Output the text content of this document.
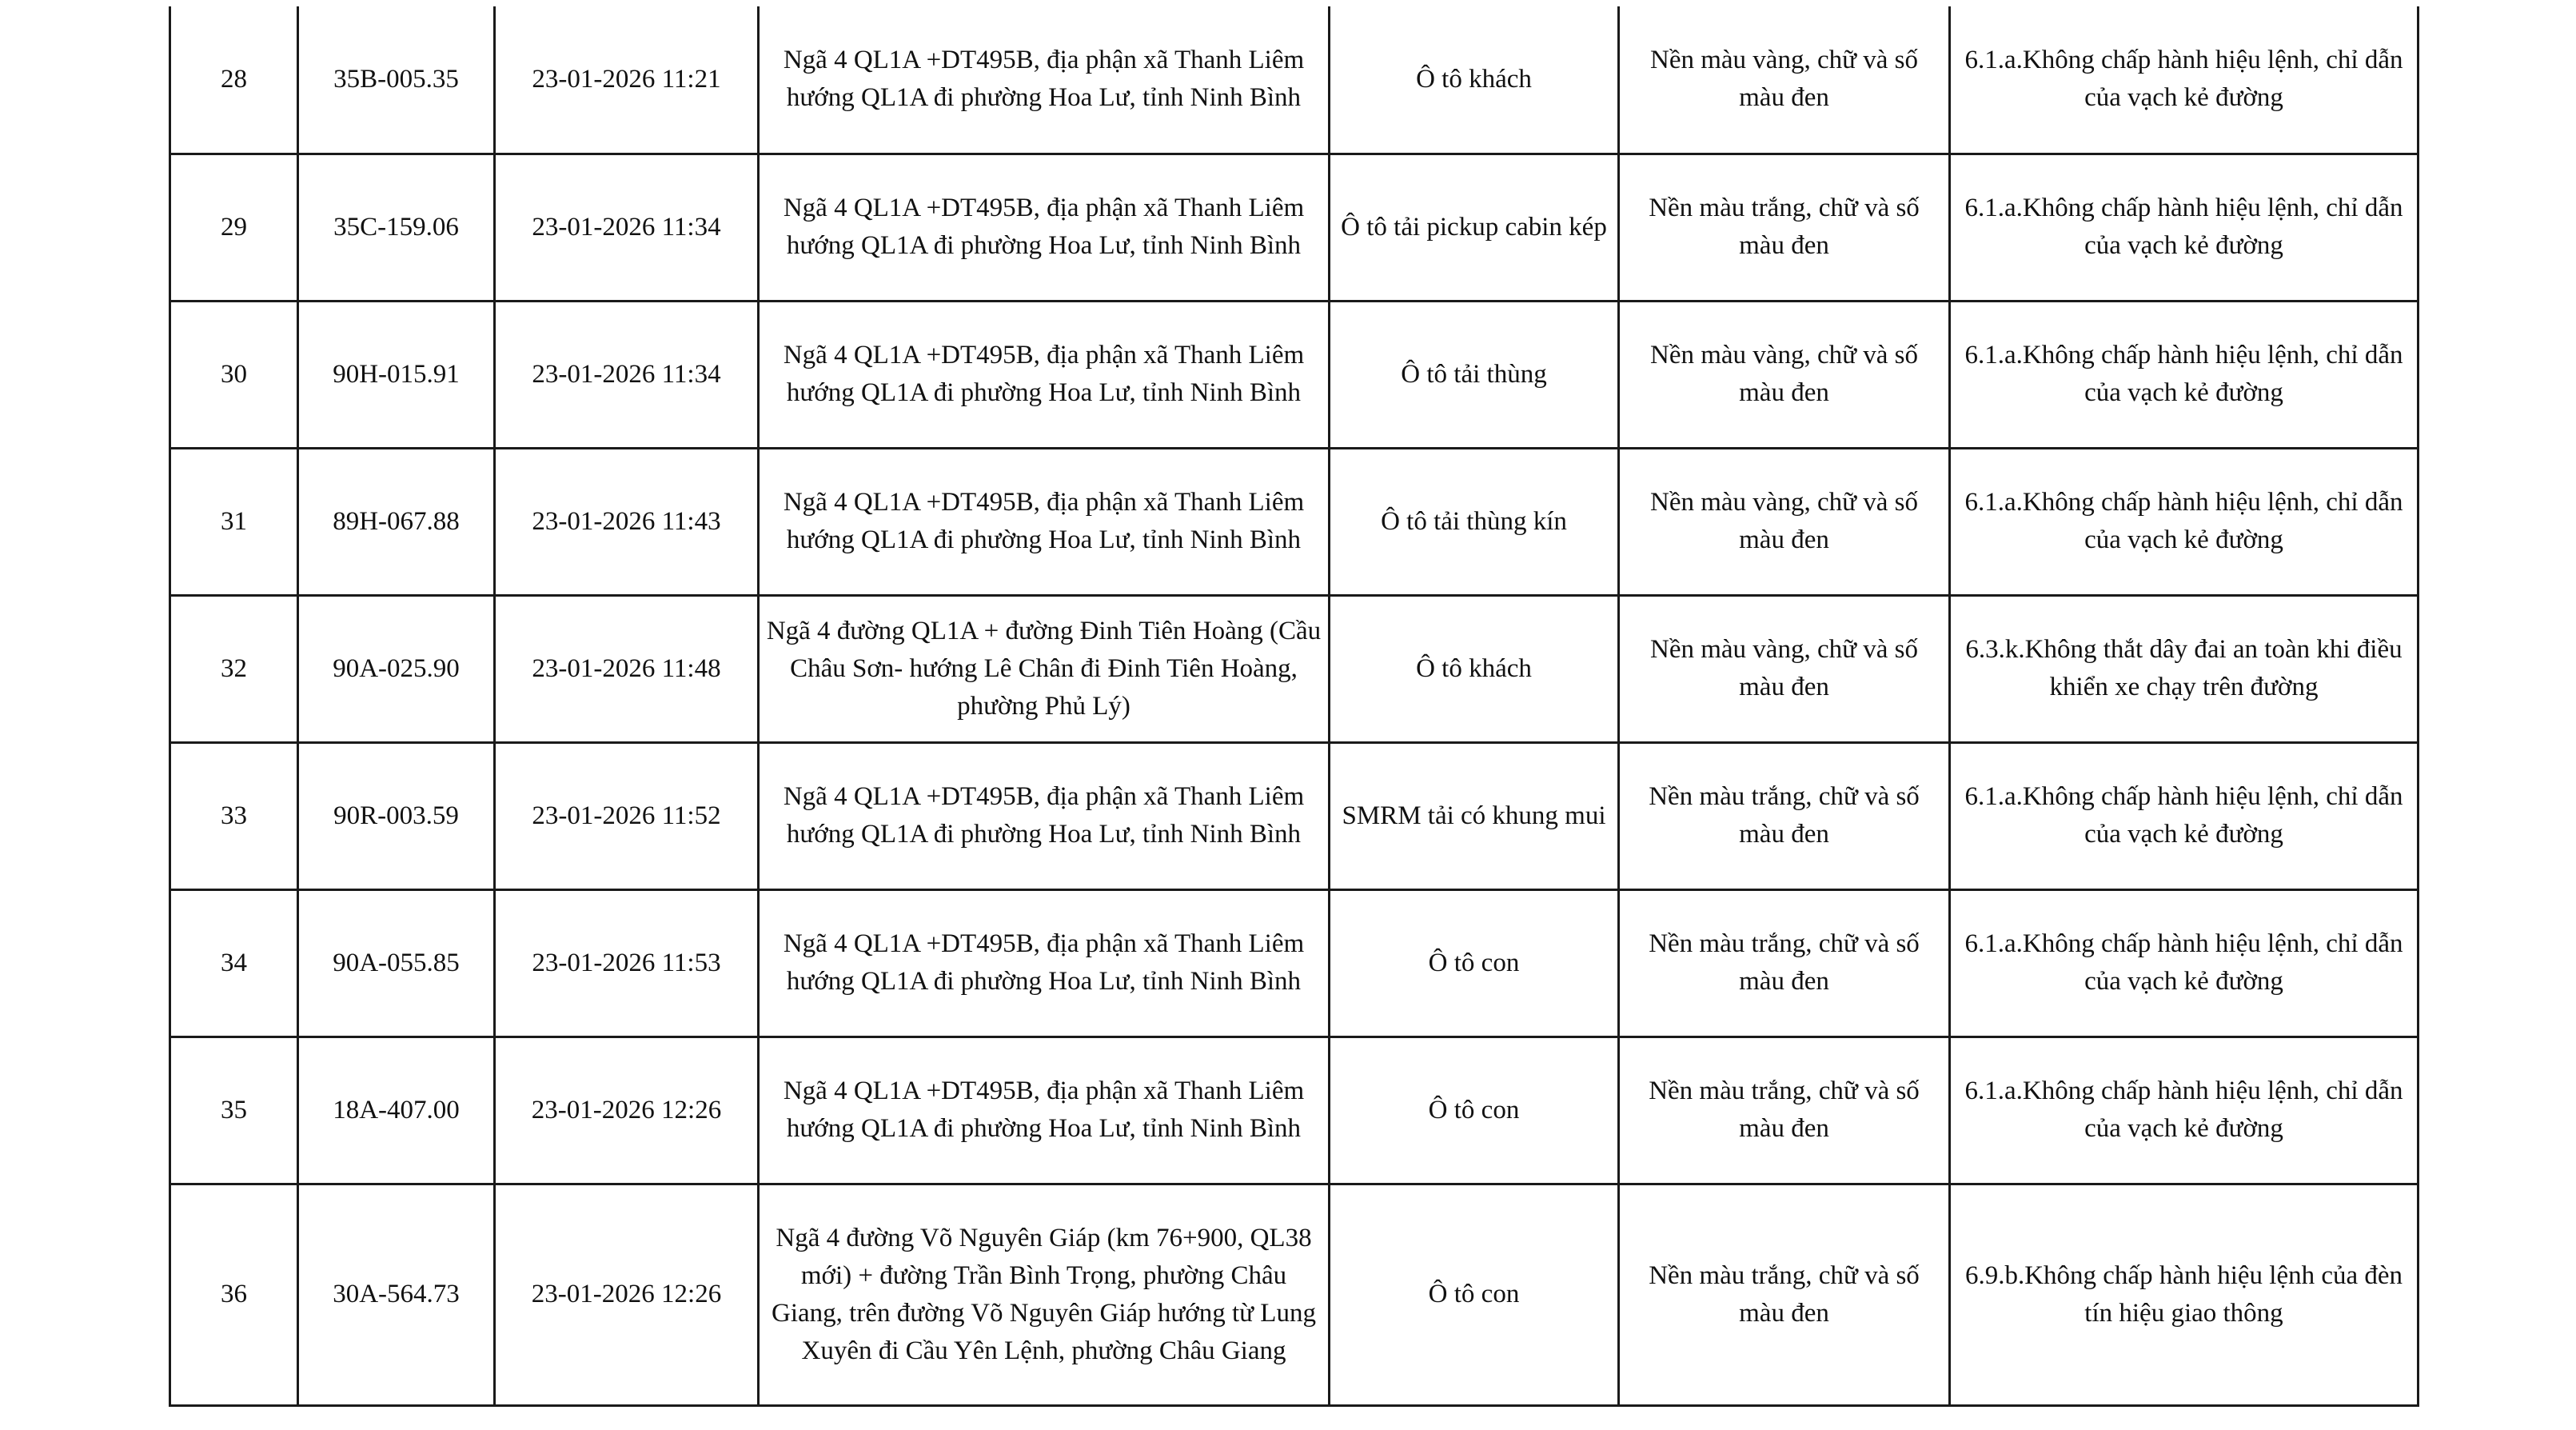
28	35B-005.35	23-01-2026 11:21	Ngã 4 QL1A +DT495B, địa phận xã Thanh Liêm hướng QL1A đi phường Hoa Lư, tỉnh Ninh Bình	Ô tô khách	Nền màu vàng, chữ và số màu đen	6.1.a.Không chấp hành hiệu lệnh, chỉ dẫn của vạch kẻ đường
29	35C-159.06	23-01-2026 11:34	Ngã 4 QL1A +DT495B, địa phận xã Thanh Liêm hướng QL1A đi phường Hoa Lư, tỉnh Ninh Bình	Ô tô tải pickup cabin kép	Nền màu trắng, chữ và số màu đen	6.1.a.Không chấp hành hiệu lệnh, chỉ dẫn của vạch kẻ đường
30	90H-015.91	23-01-2026 11:34	Ngã 4 QL1A +DT495B, địa phận xã Thanh Liêm hướng QL1A đi phường Hoa Lư, tỉnh Ninh Bình	Ô tô tải thùng	Nền màu vàng, chữ và số màu đen	6.1.a.Không chấp hành hiệu lệnh, chỉ dẫn của vạch kẻ đường
31	89H-067.88	23-01-2026 11:43	Ngã 4 QL1A +DT495B, địa phận xã Thanh Liêm hướng QL1A đi phường Hoa Lư, tỉnh Ninh Bình	Ô tô tải thùng kín	Nền màu vàng, chữ và số màu đen	6.1.a.Không chấp hành hiệu lệnh, chỉ dẫn của vạch kẻ đường
32	90A-025.90	23-01-2026 11:48	Ngã 4 đường QL1A + đường Đinh Tiên Hoàng (Cầu Châu Sơn- hướng Lê Chân đi Đinh Tiên Hoàng, phường Phủ Lý)	Ô tô khách	Nền màu vàng, chữ và số màu đen	6.3.k.Không thắt dây đai an toàn khi điều khiển xe chạy trên đường
33	90R-003.59	23-01-2026 11:52	Ngã 4 QL1A +DT495B, địa phận xã Thanh Liêm hướng QL1A đi phường Hoa Lư, tỉnh Ninh Bình	SMRM tải có khung mui	Nền màu trắng, chữ và số màu đen	6.1.a.Không chấp hành hiệu lệnh, chỉ dẫn của vạch kẻ đường
34	90A-055.85	23-01-2026 11:53	Ngã 4 QL1A +DT495B, địa phận xã Thanh Liêm hướng QL1A đi phường Hoa Lư, tỉnh Ninh Bình	Ô tô con	Nền màu trắng, chữ và số màu đen	6.1.a.Không chấp hành hiệu lệnh, chỉ dẫn của vạch kẻ đường
35	18A-407.00	23-01-2026 12:26	Ngã 4 QL1A +DT495B, địa phận xã Thanh Liêm hướng QL1A đi phường Hoa Lư, tỉnh Ninh Bình	Ô tô con	Nền màu trắng, chữ và số màu đen	6.1.a.Không chấp hành hiệu lệnh, chỉ dẫn của vạch kẻ đường
36	30A-564.73	23-01-2026 12:26	Ngã 4 đường Võ Nguyên Giáp (km 76+900, QL38 mới) + đường Trần Bình Trọng, phường Châu Giang, trên đường Võ Nguyên Giáp hướng từ Lung Xuyên đi Cầu Yên Lệnh, phường Châu Giang	Ô tô con	Nền màu trắng, chữ và số màu đen	6.9.b.Không chấp hành hiệu lệnh của đèn tín hiệu giao thông
